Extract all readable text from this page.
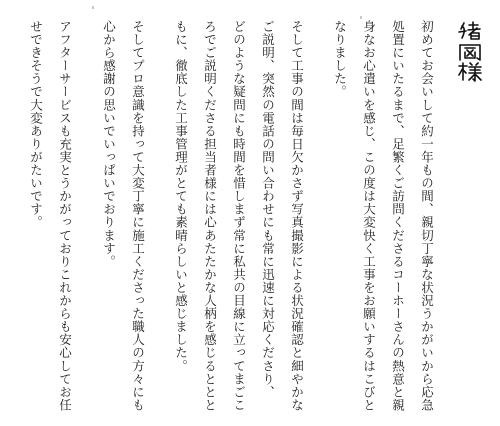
初めてお会いして約一年もの間、親切丁寧な状況うかがいから応急
処置にいたるまで、足繁くご訪問くださるコーホーさんの熱意と親
身なお心遣いを感じ、この度は大変快く工事をお願いするはこびと
なりました。
そして工事の間は毎日欠かさず写真撮影による状況確認と細やかな
ご説明、突然の電話の問い合わせにも常に迅速に対応くださり、
どのような疑問にも時間を惜しまず常に私共の目線に立ってまごこ
ろでご説明くださる担当者様には心あたたかな人柄を感じるととと
もに、徹底した工事管理がとても素晴らしいと感じました。
そしてプロ意識を持って大変丁寧に施工くださった職人の方々にも
心から感謝の思いでいっぱいでおります。
アフターサービスも充実とうかがっておりこれからも安心してお任
せできそうで大変ありがたいです。
